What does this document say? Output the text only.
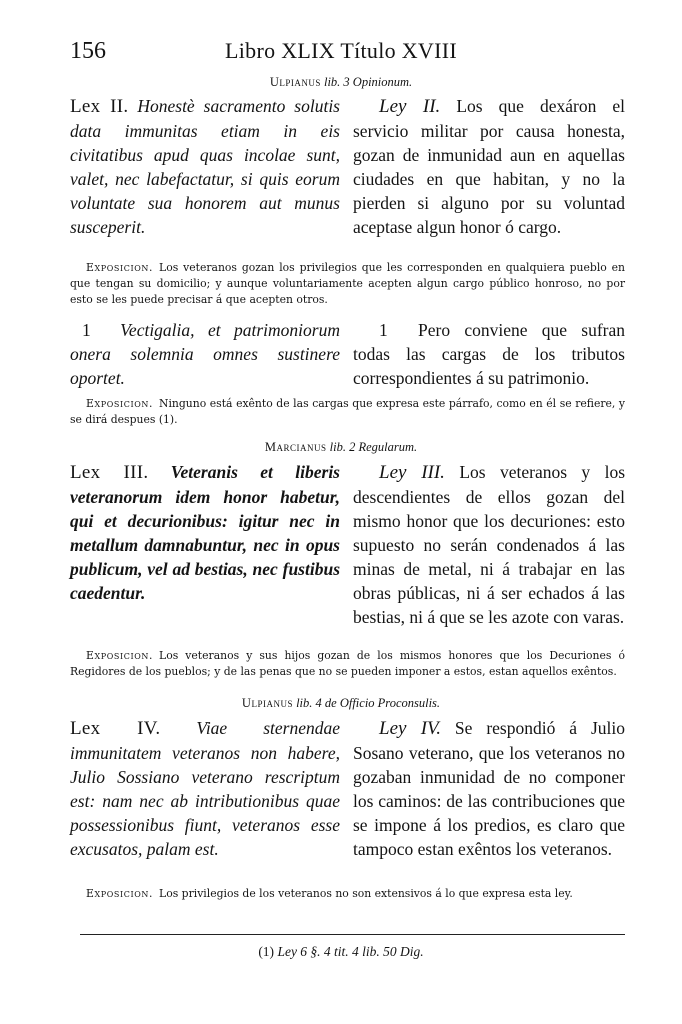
156	Libro XLIX Título XVIII
Ulpianus lib. 3 Opinionum.
Lex II. Honestè sacramento solutis data immunitas etiam in eis civitatibus apud quas incolae sunt, valet, nec labefactatur, si quis eorum voluntate sua honorem aut munus susceperit.
Ley II. Los que dexáron el servicio militar por causa honesta, gozan de inmunidad aun en aquellas ciudades en que habitan, y no la pierden si alguno por su voluntad aceptase algun honor ó cargo.
Exposicion. Los veteranos gozan los privilegios que les corresponden en qualquiera pueblo en que tengan su domicilio; y aunque voluntariamente acepten algun cargo público honroso, no por esto se les puede precisar á que acepten otros.
1 Vectigalia, et patrimoniorum onera solemnia omnes sustinere oportet.
1 Pero conviene que sufran todas las cargas de los tributos correspondientes á su patrimonio.
Exposicion. Ninguno está exênto de las cargas que expresa este párrafo, como en él se refiere, y se dirá despues (1).
Marcianus lib. 2 Regularum.
Lex III. Veteranis et liberis veteranorum idem honor habetur, qui et decurionibus: igitur nec in metallum damnabuntur, nec in opus publicum, vel ad bestias, nec fustibus caedentur.
Ley III. Los veteranos y los descendientes de ellos gozan del mismo honor que los decuriones: esto supuesto no serán condenados á las minas de metal, ni á trabajar en las obras públicas, ni á ser echados á las bestias, ni á que se les azote con varas.
Exposicion. Los veteranos y sus hijos gozan de los mismos honores que los Decuriones ó Regidores de los pueblos; y de las penas que no se pueden imponer a estos, estan aquellos exêntos.
Ulpianus lib. 4 de Officio Proconsulis.
Lex IV. Viae sternendae immunitatem veteranos non habere, Julio Sossiano veterano rescriptum est: nam nec ab intributionibus quae possessionibus fiunt, veteranos esse excusatos, palam est.
Ley IV. Se respondió á Julio Sosano veterano, que los veteranos no gozaban inmunidad de no componer los caminos: de las contribuciones que se impone á los predios, es claro que tampoco estan exêntos los veteranos.
Exposicion. Los privilegios de los veteranos no son extensivos á lo que expresa esta ley.
(1) Ley 6 §. 4 tit. 4 lib. 50 Dig.
